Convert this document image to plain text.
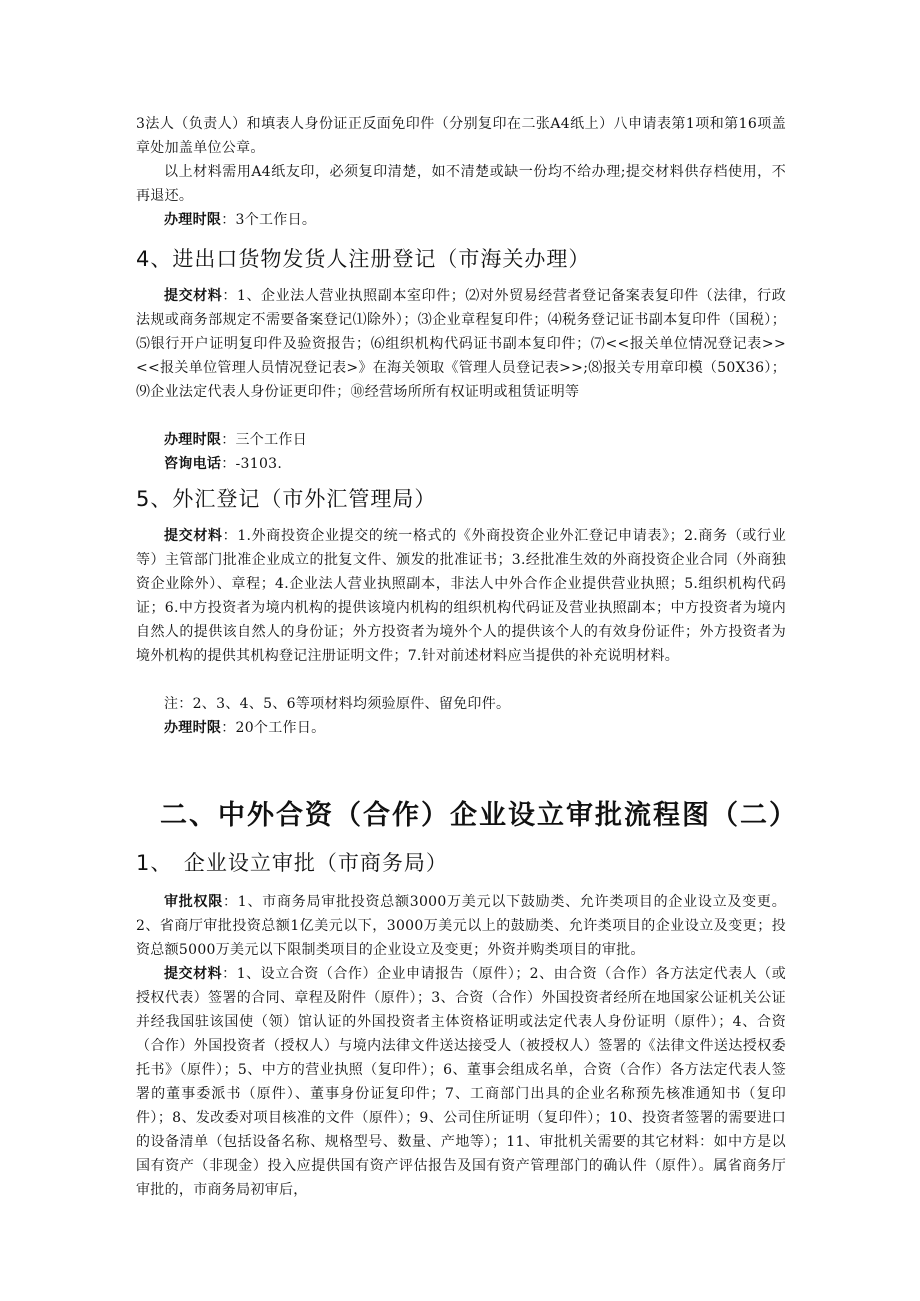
3法人（负责人）和填表人身份证正反面免印件（分别复印在二张A4纸上）八申请表第1项和第16项盖章处加盖单位公章。

以上材料需用A4纸友印，必须复印清楚，如不清楚或缺一份均不给办理;提交材料供存档使用，不再退还。

办理时限：3个工作日。

4、进出口货物发货人注册登记（市海关办理）

提交材料：1、企业法人营业执照副本室印件；⑵对外贸易经营者登记备案表复印件（法律，行政法规或商务部规定不需要备案登记⑴除外）；⑶企业章程复印件；⑷税务登记证书副本复印件（国税）；⑸银行开户证明复印件及验资报告；⑹组织机构代码证书副本复印件；⑺<<报关单位情况登记表>><<报关单位管理人员情况登记表>》在海关领取《管理人员登记表>>;⑻报关专用章印模（50X36）；⑼企业法定代表人身份证更印件；⑩经营场所所有权证明或租赁证明等

办理时限：三个工作日

咨询电话：-3103.

5、外汇登记（市外汇管理局）

提交材料：1.外商投资企业提交的统一格式的《外商投资企业外汇登记申请表》；2.商务（或行业等）主管部门批准企业成立的批复文件、颁发的批准证书；3.经批准生效的外商投资企业合同（外商独资企业除外）、章程；4.企业法人营业执照副本，非法人中外合作企业提供营业执照；5.组织机构代码证；6.中方投资者为境内机构的提供该境内机构的组织机构代码证及营业执照副本；中方投资者为境内自然人的提供该自然人的身份证；外方投资者为境外个人的提供该个人的有效身份证件；外方投资者为境外机构的提供其机构登记注册证明文件；7.针对前述材料应当提供的补充说明材料。

注：2、3、4、5、6等项材料均须验原件、留免印件。

办理时限：20个工作日。

二、中外合资（合作）企业设立审批流程图（二）
1、　企业设立审批（市商务局）

审批权限：1、市商务局审批投资总额3000万美元以下鼓励类、允许类项目的企业设立及变更。2、省商厅审批投资总额1亿美元以下，3000万美元以上的鼓励类、允许类项目的企业设立及变更；投资总额5000万美元以下限制类项目的企业设立及变更；外资并购类项目的审批。

提交材料：1、设立合资（合作）企业申请报告（原件）；2、由合资（合作）各方法定代表人（或授权代表）签署的合同、章程及附件（原件）；3、合资（合作）外国投资者经所在地国家公证机关公证并经我国驻该国使（领）馆认证的外国投资者主体资格证明或法定代表人身份证明（原件）；4、合资（合作）外国投资者（授权人）与境内法律文件送达接受人（被授权人）签署的《法律文件送达授权委托书》（原件）；5、中方的营业执照（复印件）；6、董事会组成名单，合资（合作）各方法定代表人签署的董事委派书（原件）、董事身份证复印件；7、工商部门出具的企业名称预先核准通知书（复印件）；8、发改委对项目核准的文件（原件）；9、公司住所证明（复印件）；10、投资者签署的需要进口的设备清单（包括设备名称、规格型号、数量、产地等）；11、审批机关需要的其它材料：如中方是以国有资产（非现金）投入应提供国有资产评估报告及国有资产管理部门的确认件（原件）。属省商务厅审批的，市商务局初审后，
